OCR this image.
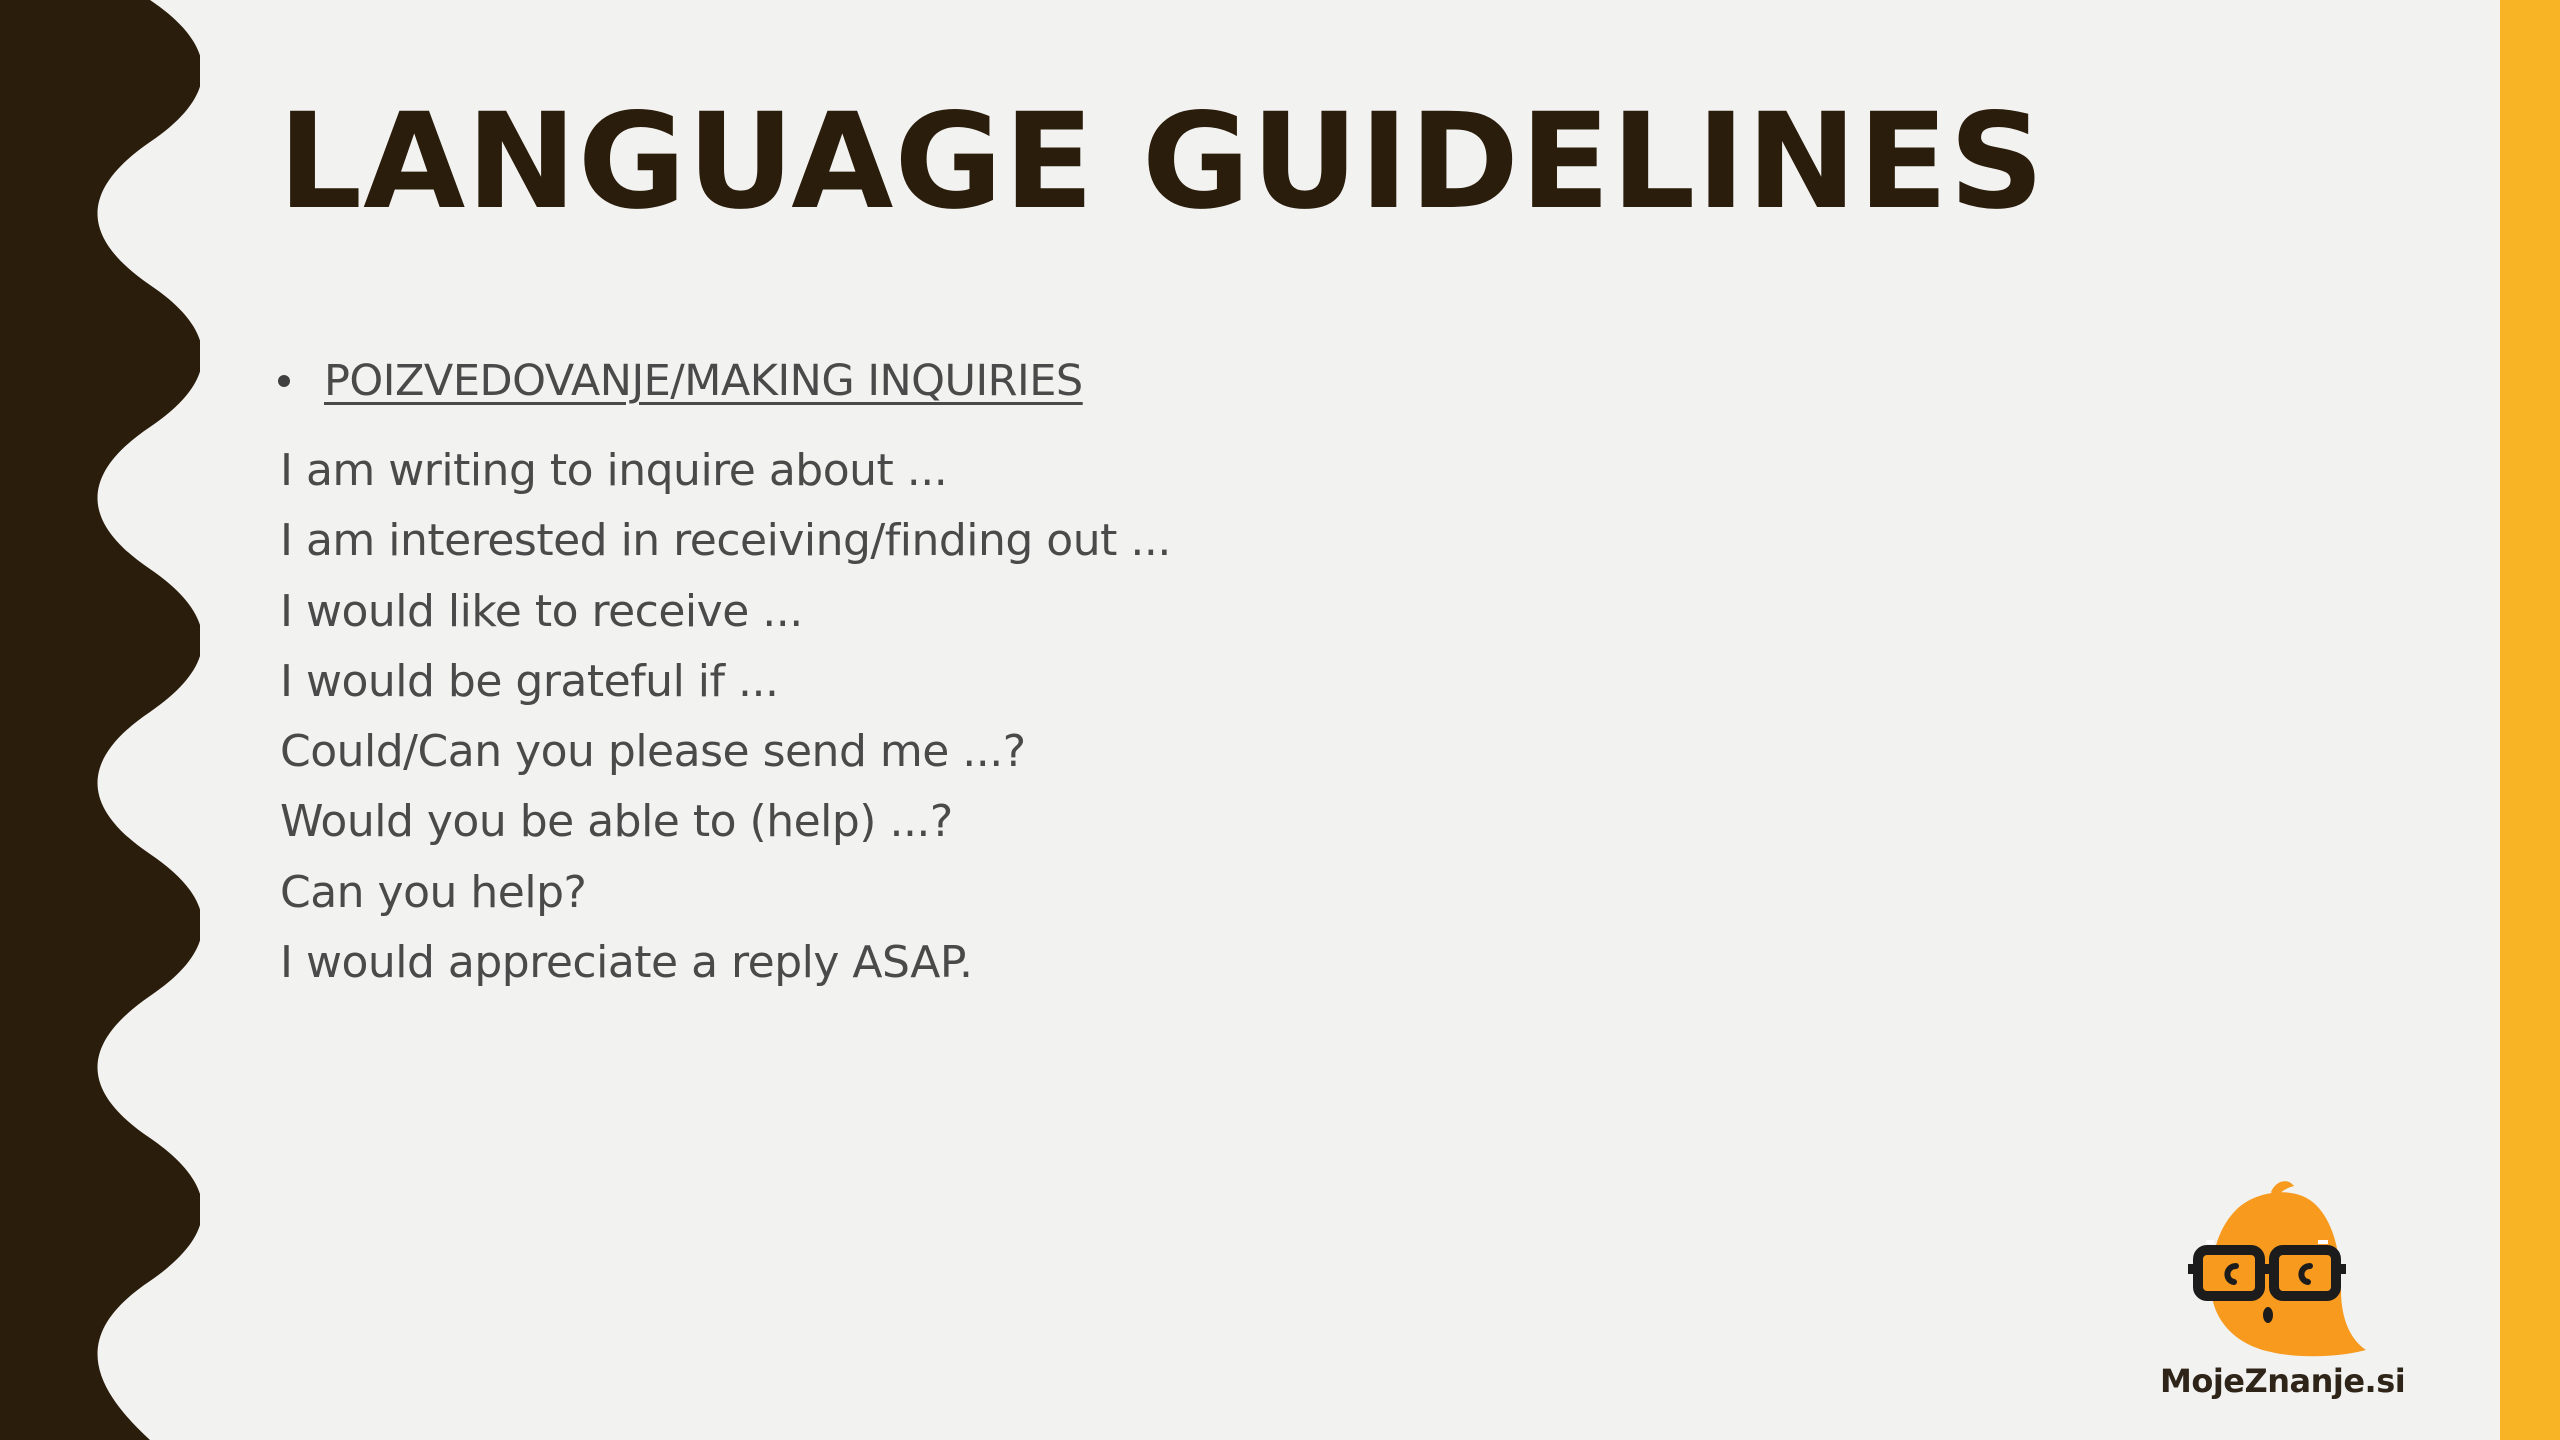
LANGUAGE GUIDELINES
POIZVEDOVANJE/MAKING INQUIRIES
I am writing to inquire about ...
I am interested in receiving/finding out ...
I would like to receive ...
I would be grateful if ...
Could/Can you please send me ...?
Would you be able to (help) ...?
Can you help?
I would appreciate a reply ASAP.
MojeZnanje.si
